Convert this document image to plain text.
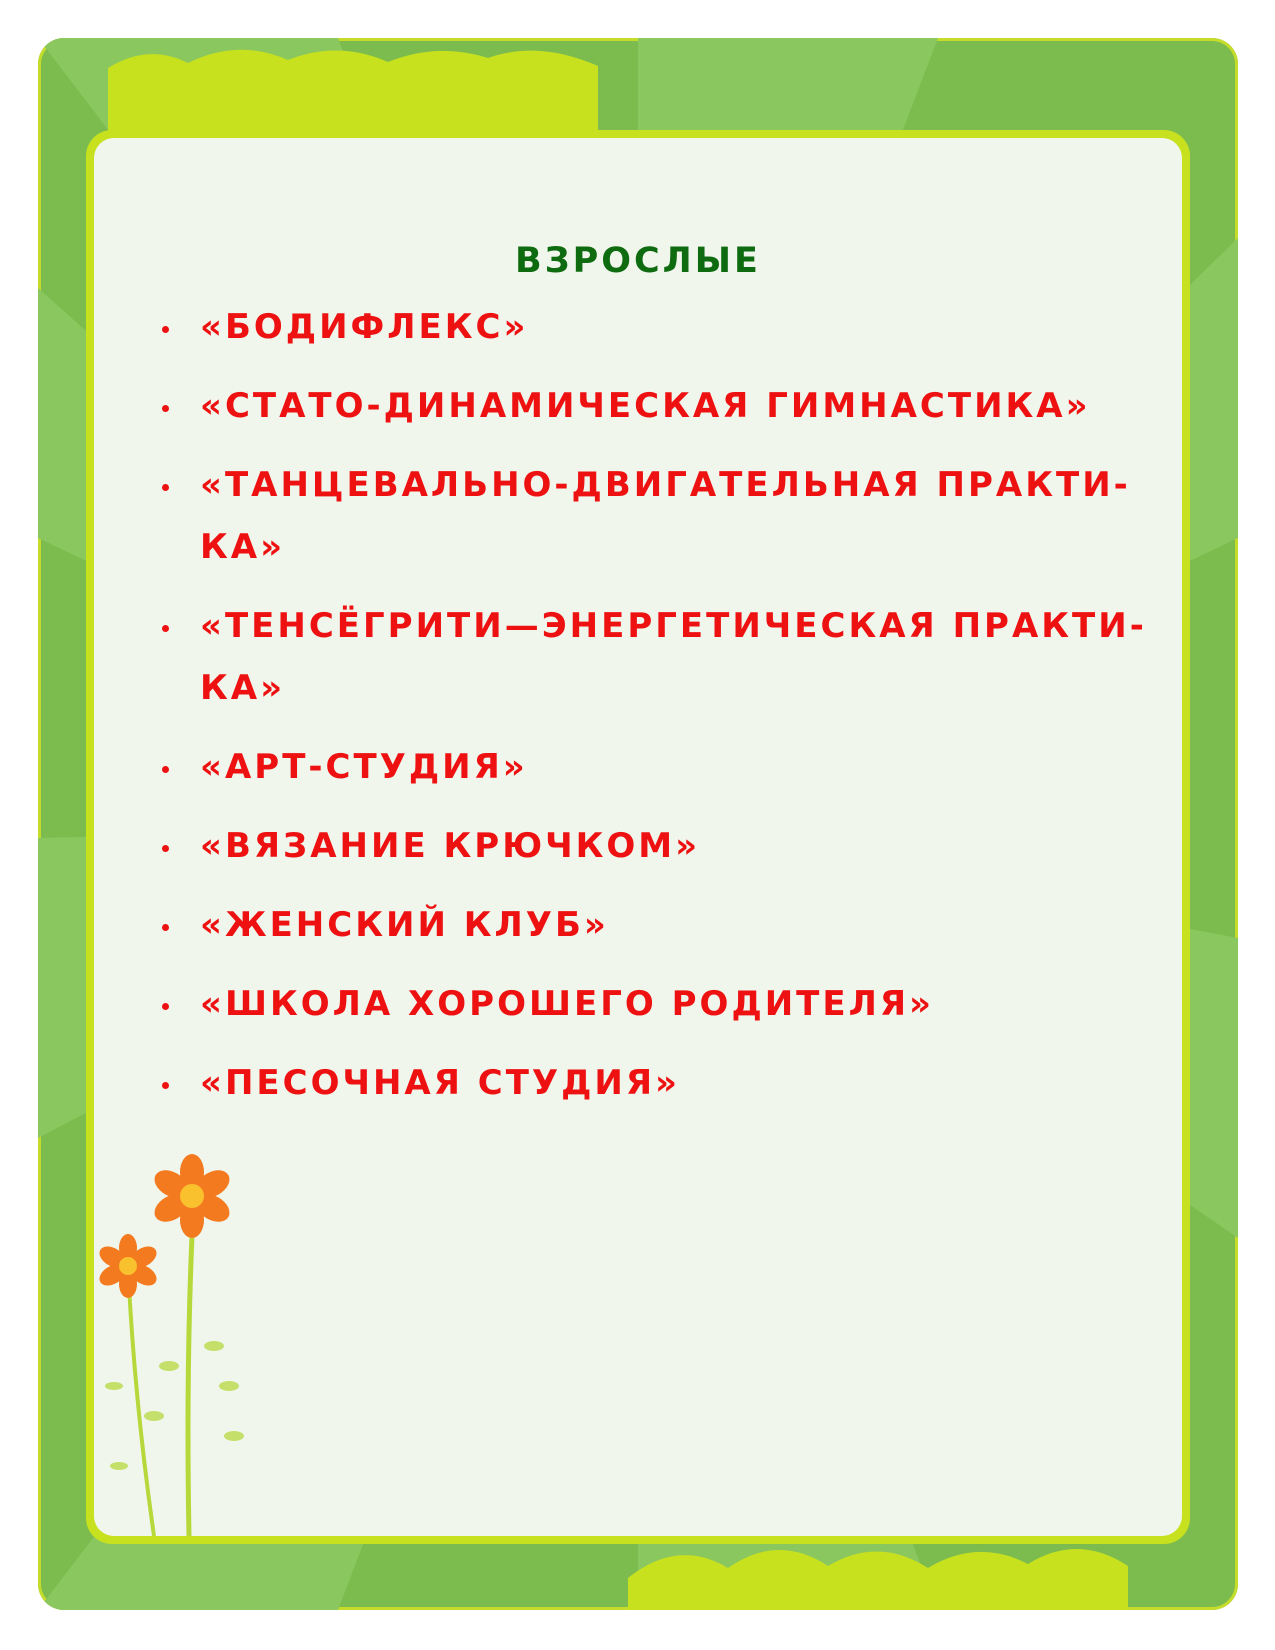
ВЗРОСЛЫЕ
«БОДИФЛЕКС»
«СТАТО-ДИНАМИЧЕСКАЯ ГИМНАСТИКА»
«ТАНЦЕВАЛЬНО-ДВИГАТЕЛЬНАЯ ПРАКТИ-КА»
«ТЕНСЁГРИТИ—ЭНЕРГЕТИЧЕСКАЯ ПРАКТИ-КА»
«АРТ-СТУДИЯ»
«ВЯЗАНИЕ КРЮЧКОМ»
«ЖЕНСКИЙ КЛУБ»
«ШКОЛА ХОРОШЕГО РОДИТЕЛЯ»
«ПЕСОЧНАЯ СТУДИЯ»
